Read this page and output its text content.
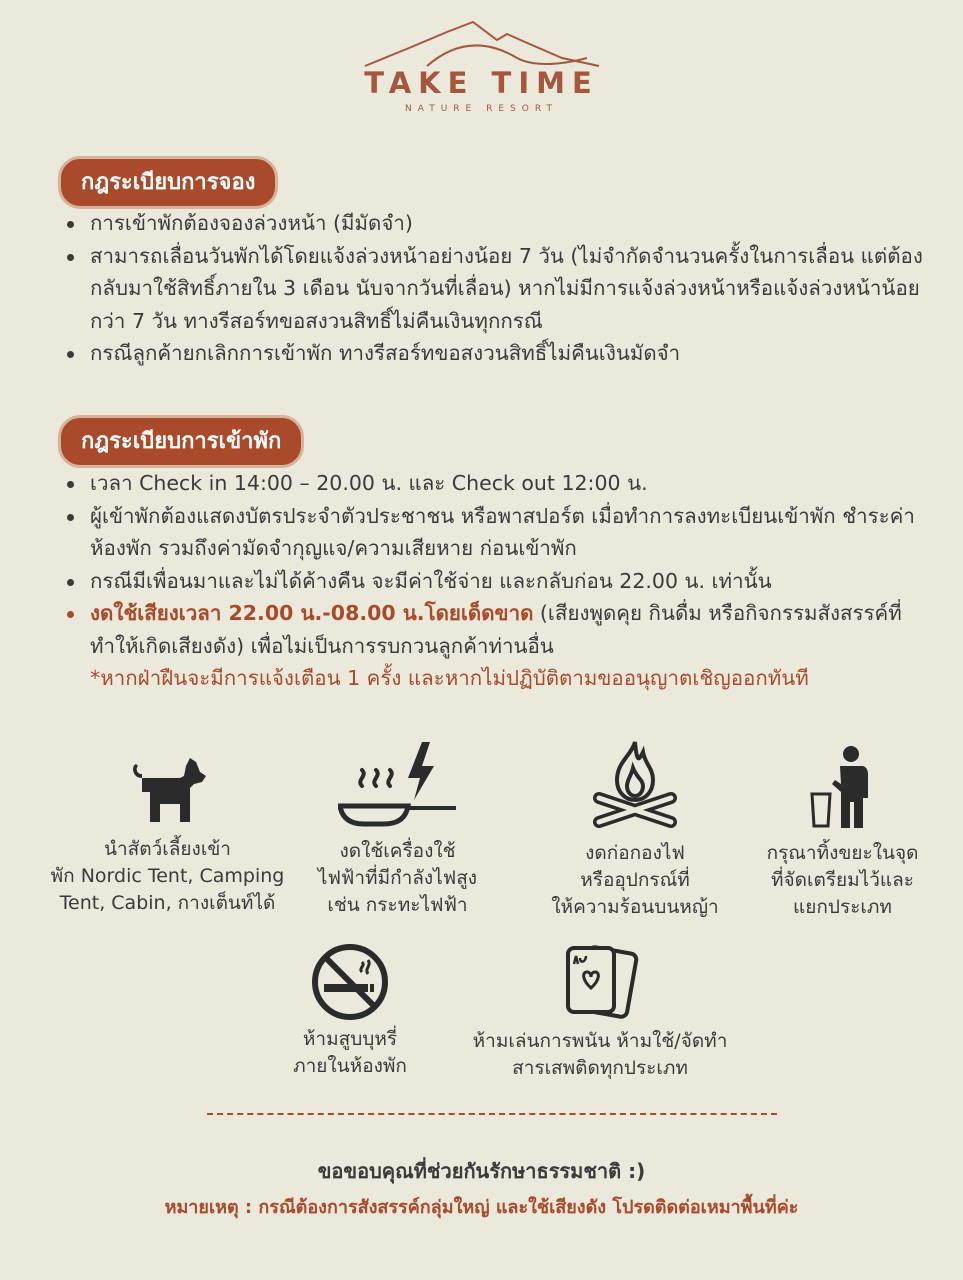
TAKE TIME
NATURE RESORT
กฎระเบียบการจอง
การเข้าพักต้องจองล่วงหน้า (มีมัดจำ)
สามารถเลื่อนวันพักได้โดยแจ้งล่วงหน้าอย่างน้อย 7 วัน (ไม่จำกัดจำนวนครั้งในการเลื่อน แต่ต้องกลับมาใช้สิทธิ์ภายใน 3 เดือน นับจากวันที่เลื่อน) หากไม่มีการแจ้งล่วงหน้าหรือแจ้งล่วงหน้าน้อยกว่า 7 วัน ทางรีสอร์ทขอสงวนสิทธิ์ไม่คืนเงินทุกกรณี
กรณีลูกค้ายกเลิกการเข้าพัก ทางรีสอร์ทขอสงวนสิทธิ์ไม่คืนเงินมัดจำ
กฎระเบียบการเข้าพัก
เวลา Check in 14:00 – 20.00 น. และ Check out 12:00 น.
ผู้เข้าพักต้องแสดงบัตรประจำตัวประชาชน หรือพาสปอร์ต เมื่อทำการลงทะเบียนเข้าพัก ชำระค่าห้องพัก รวมถึงค่ามัดจำกุญแจ/ความเสียหาย ก่อนเข้าพัก
กรณีมีเพื่อนมาและไม่ได้ค้างคืน จะมีค่าใช้จ่าย และกลับก่อน 22.00 น. เท่านั้น
งดใช้เสียงเวลา 22.00 น.-08.00 น.โดยเด็ดขาด (เสียงพูดคุย กินดื่ม หรือกิจกรรมสังสรรค์ที่ทำให้เกิดเสียงดัง) เพื่อไม่เป็นการรบกวนลูกค้าท่านอื่น
*หากฝ่าฝืนจะมีการแจ้งเตือน 1 ครั้ง และหากไม่ปฏิบัติตามขออนุญาตเชิญออกทันที
นำสัตว์เลี้ยงเข้า
พัก Nordic Tent, Camping
Tent, Cabin, กางเต็นท์ได้
งดใช้เครื่องใช้
ไฟฟ้าที่มีกำลังไฟสูง
เช่น กระทะไฟฟ้า
งดก่อกองไฟ
หรืออุปกรณ์ที่
ให้ความร้อนบนหญ้า
กรุณาทิ้งขยะในจุด
ที่จัดเตรียมไว้และ
แยกประเภท
ห้ามสูบบุหรี่
ภายในห้องพัก
ห้ามเล่นการพนัน ห้ามใช้/จัดทำ
สารเสพติดทุกประเภท
ขอขอบคุณที่ช่วยกันรักษาธรรมชาติ :)
หมายเหตุ : กรณีต้องการสังสรรค์กลุ่มใหญ่ และใช้เสียงดัง โปรดติดต่อเหมาพื้นที่ค่ะ
